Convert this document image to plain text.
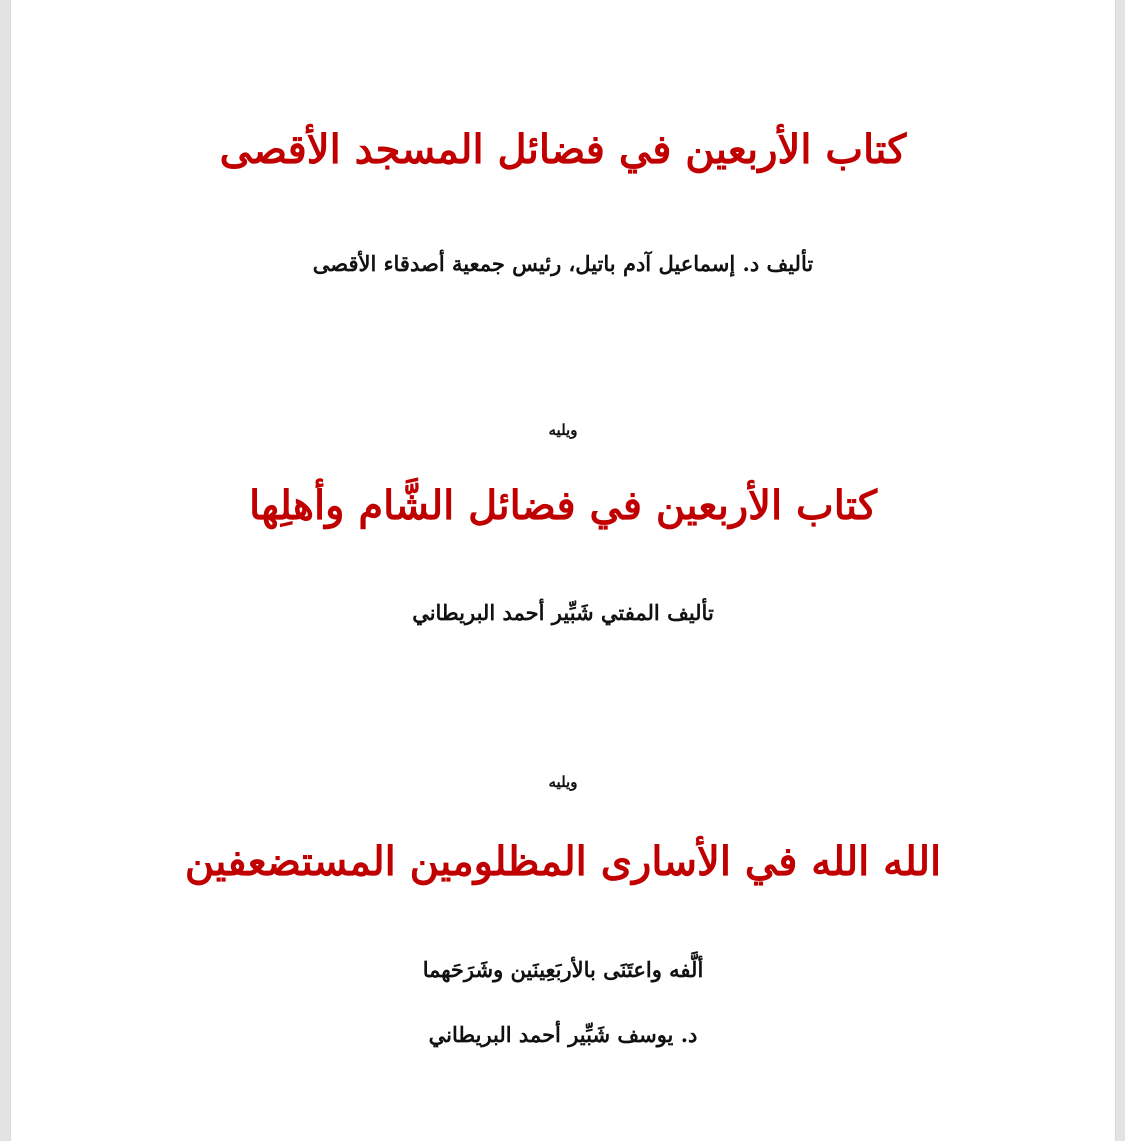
كتاب الأربعين في فضائل المسجد الأقصى
تأليف د. إسماعيل آدم باتيل، رئيس جمعية أصدقاء الأقصى
ويليه
كتاب الأربعين في فضائل الشَّام وأهلِها
تأليف المفتي شَبِّير أحمد البريطاني
ويليه
الله الله في الأسارى المظلومين المستضعفين
ألَّفه واعتَنَى بالأربَعِينَين وشَرَحَهما
د. يوسف شَبِّير أحمد البريطاني
